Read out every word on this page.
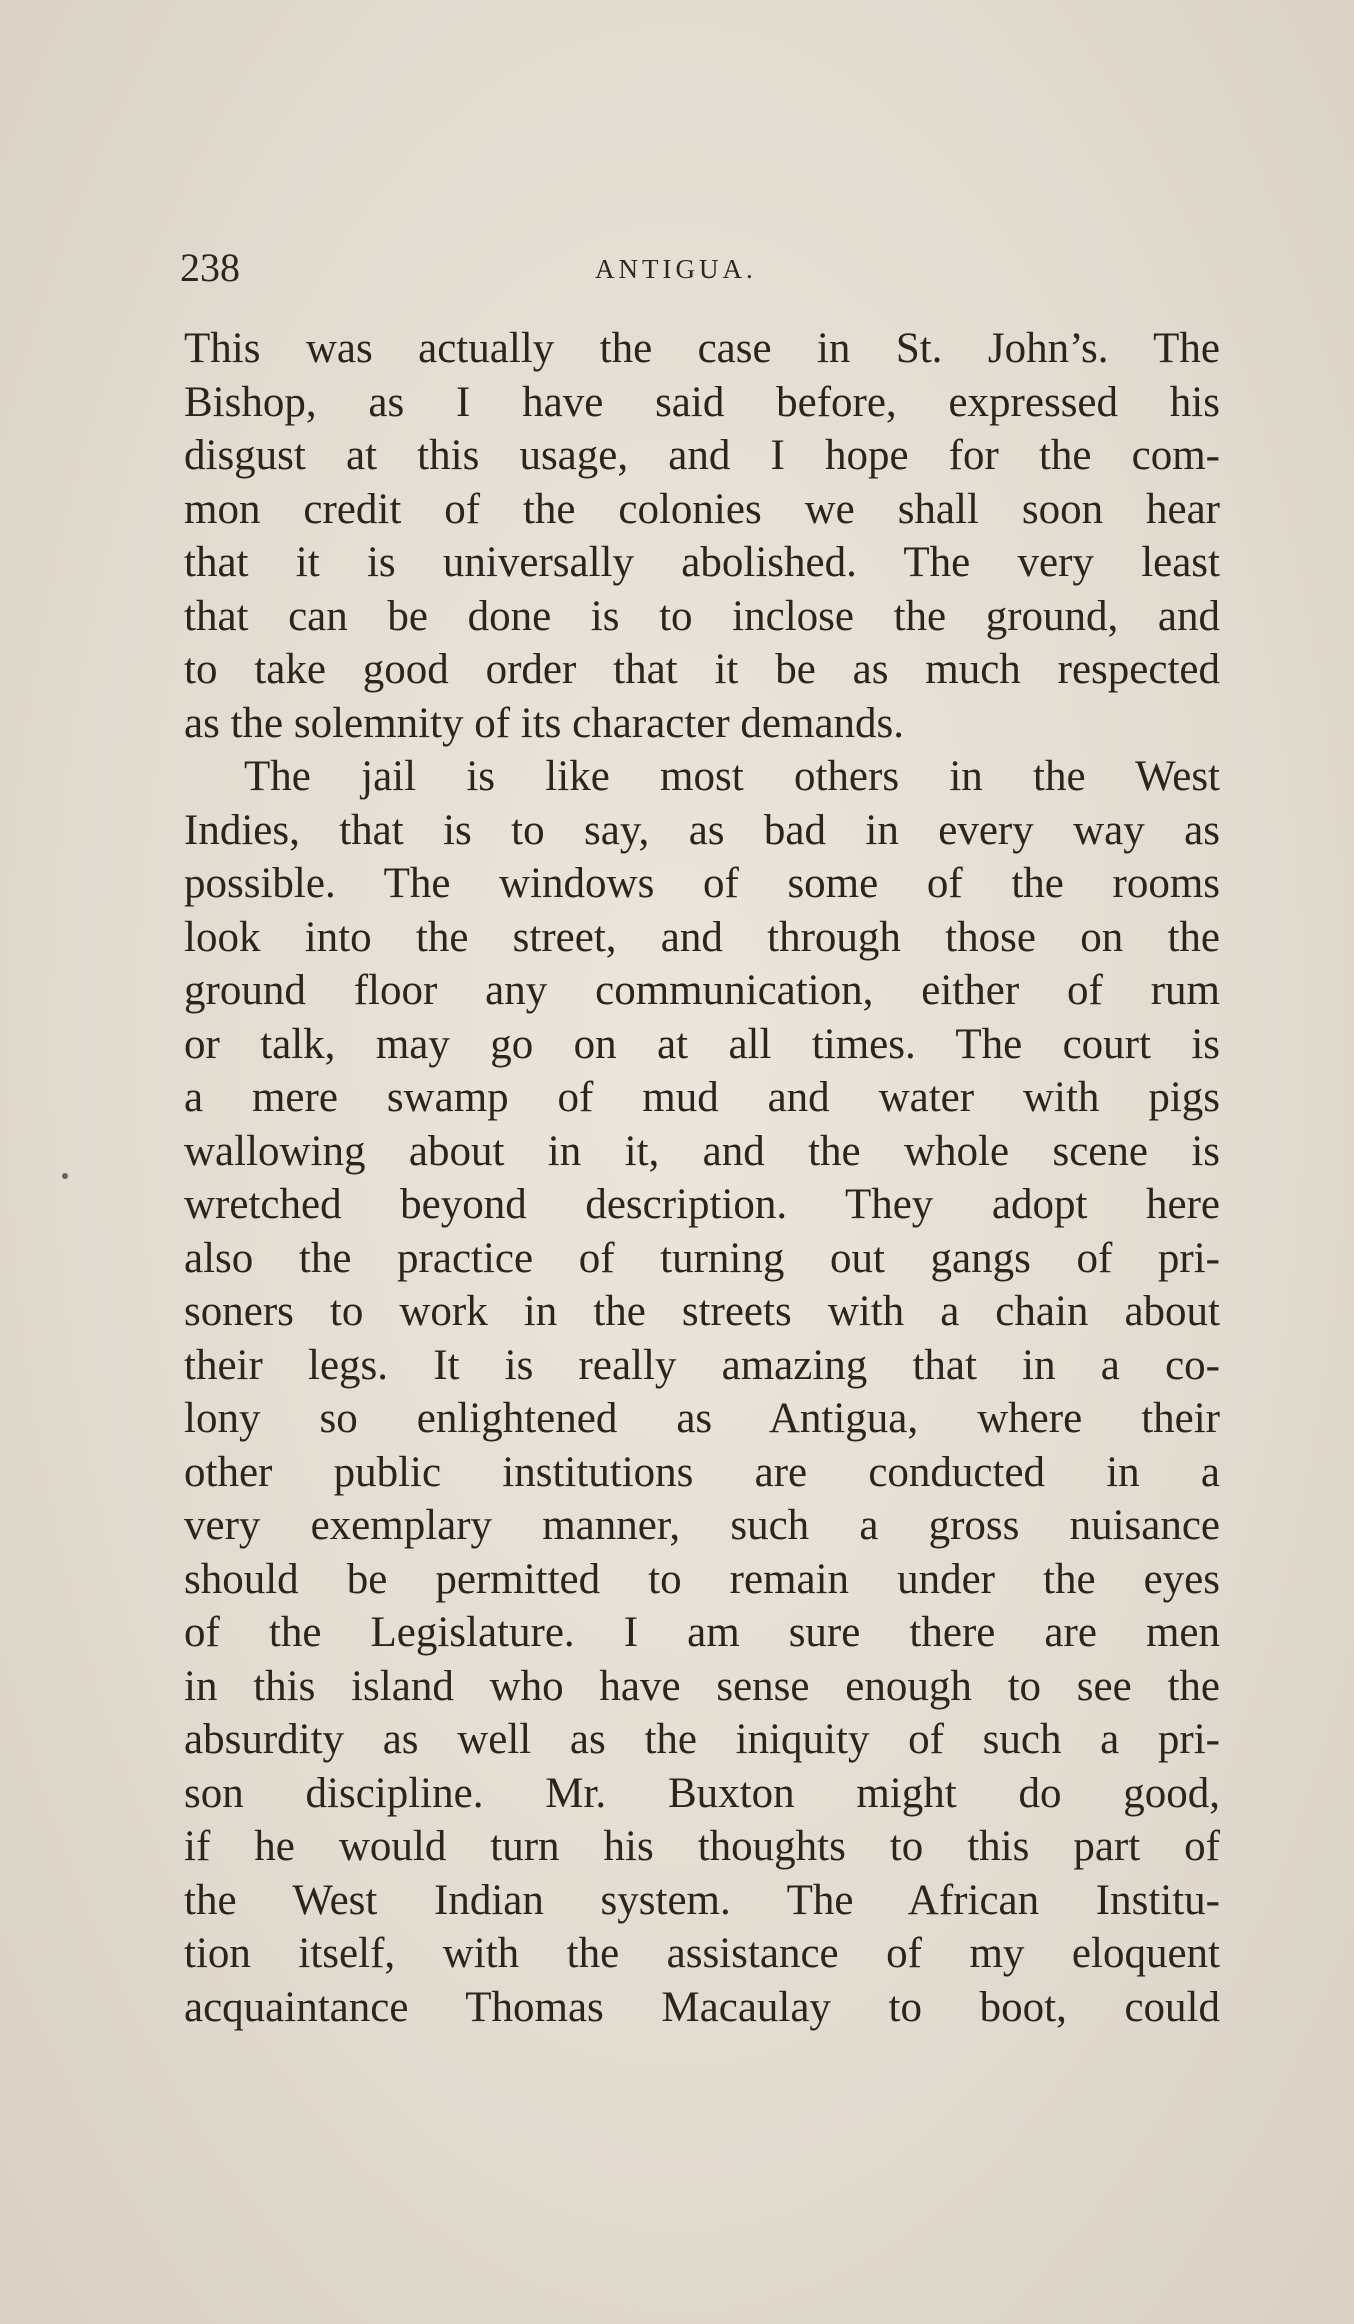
238	ANTIGUA.
This was actually the case in St. John’s. The
Bishop, as I have said before, expressed his
disgust at this usage, and I hope for the com-
mon credit of the colonies we shall soon hear
that it is universally abolished. The very least
that can be done is to inclose the ground, and
to take good order that it be as much respected
as the solemnity of its character demands.
The jail is like most others in the West
Indies, that is to say, as bad in every way as
possible. The windows of some of the rooms
look into the street, and through those on the
ground floor any communication, either of rum
or talk, may go on at all times. The court is
a mere swamp of mud and water with pigs
wallowing about in it, and the whole scene is
wretched beyond description. They adopt here
also the practice of turning out gangs of pri-
soners to work in the streets with a chain about
their legs. It is really amazing that in a co-
lony so enlightened as Antigua, where their
other public institutions are conducted in a
very exemplary manner, such a gross nuisance
should be permitted to remain under the eyes
of the Legislature. I am sure there are men
in this island who have sense enough to see the
absurdity as well as the iniquity of such a pri-
son discipline. Mr. Buxton might do good,
if he would turn his thoughts to this part of
the West Indian system. The African Institu-
tion itself, with the assistance of my eloquent
acquaintance Thomas Macaulay to boot, could
